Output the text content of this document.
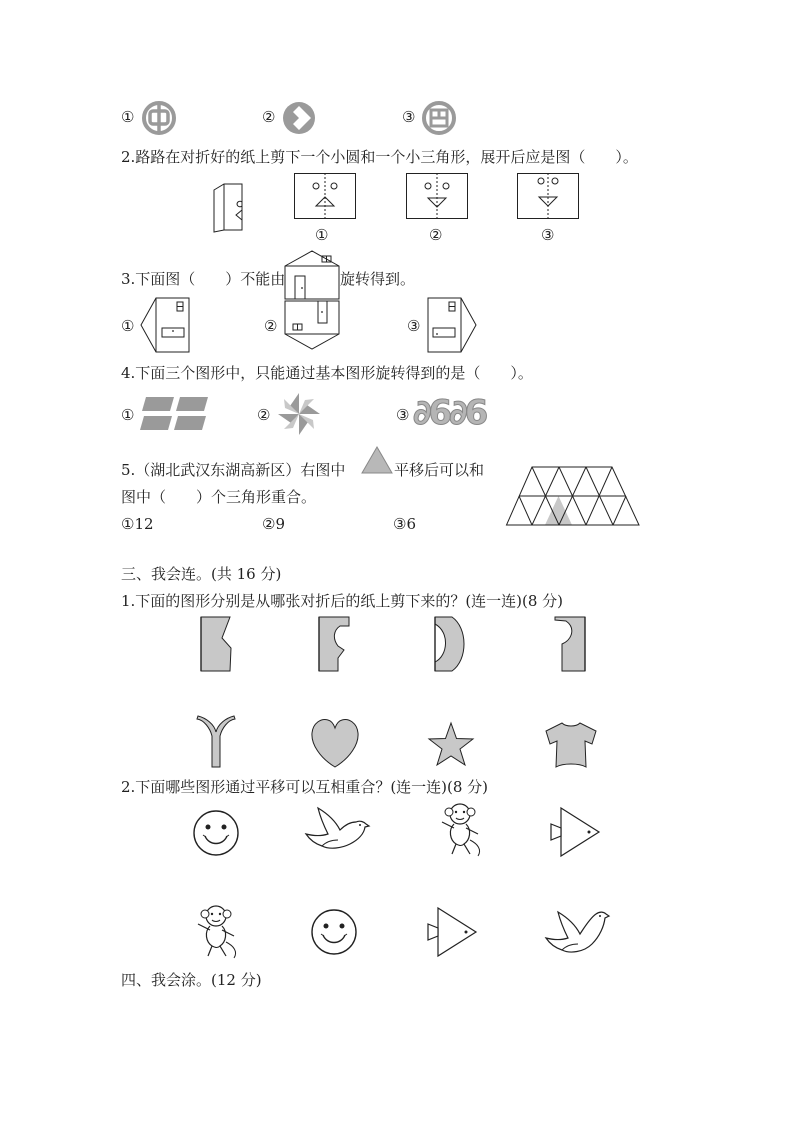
①	②	③
2.路路在对折好的纸上剪下一个小圆和一个小三角形，展开后应是图（　　）。
①	②	③
3.下面图（　　）不能由	旋转得到。
①	②	③
4.下面三个图形中，只能通过基本图形旋转得到的是（　　）。
①	②	③ ∂6∂6
5.（湖北武汉东湖高新区）右图中	平移后可以和
图中（　　）个三角形重合。
①12	②9	③6
三、我会连。(共 16 分)
1.下面的图形分别是从哪张对折后的纸上剪下来的？(连一连)(8 分)
2.下面哪些图形通过平移可以互相重合？(连一连)(8 分)
四、我会涂。(12 分)
